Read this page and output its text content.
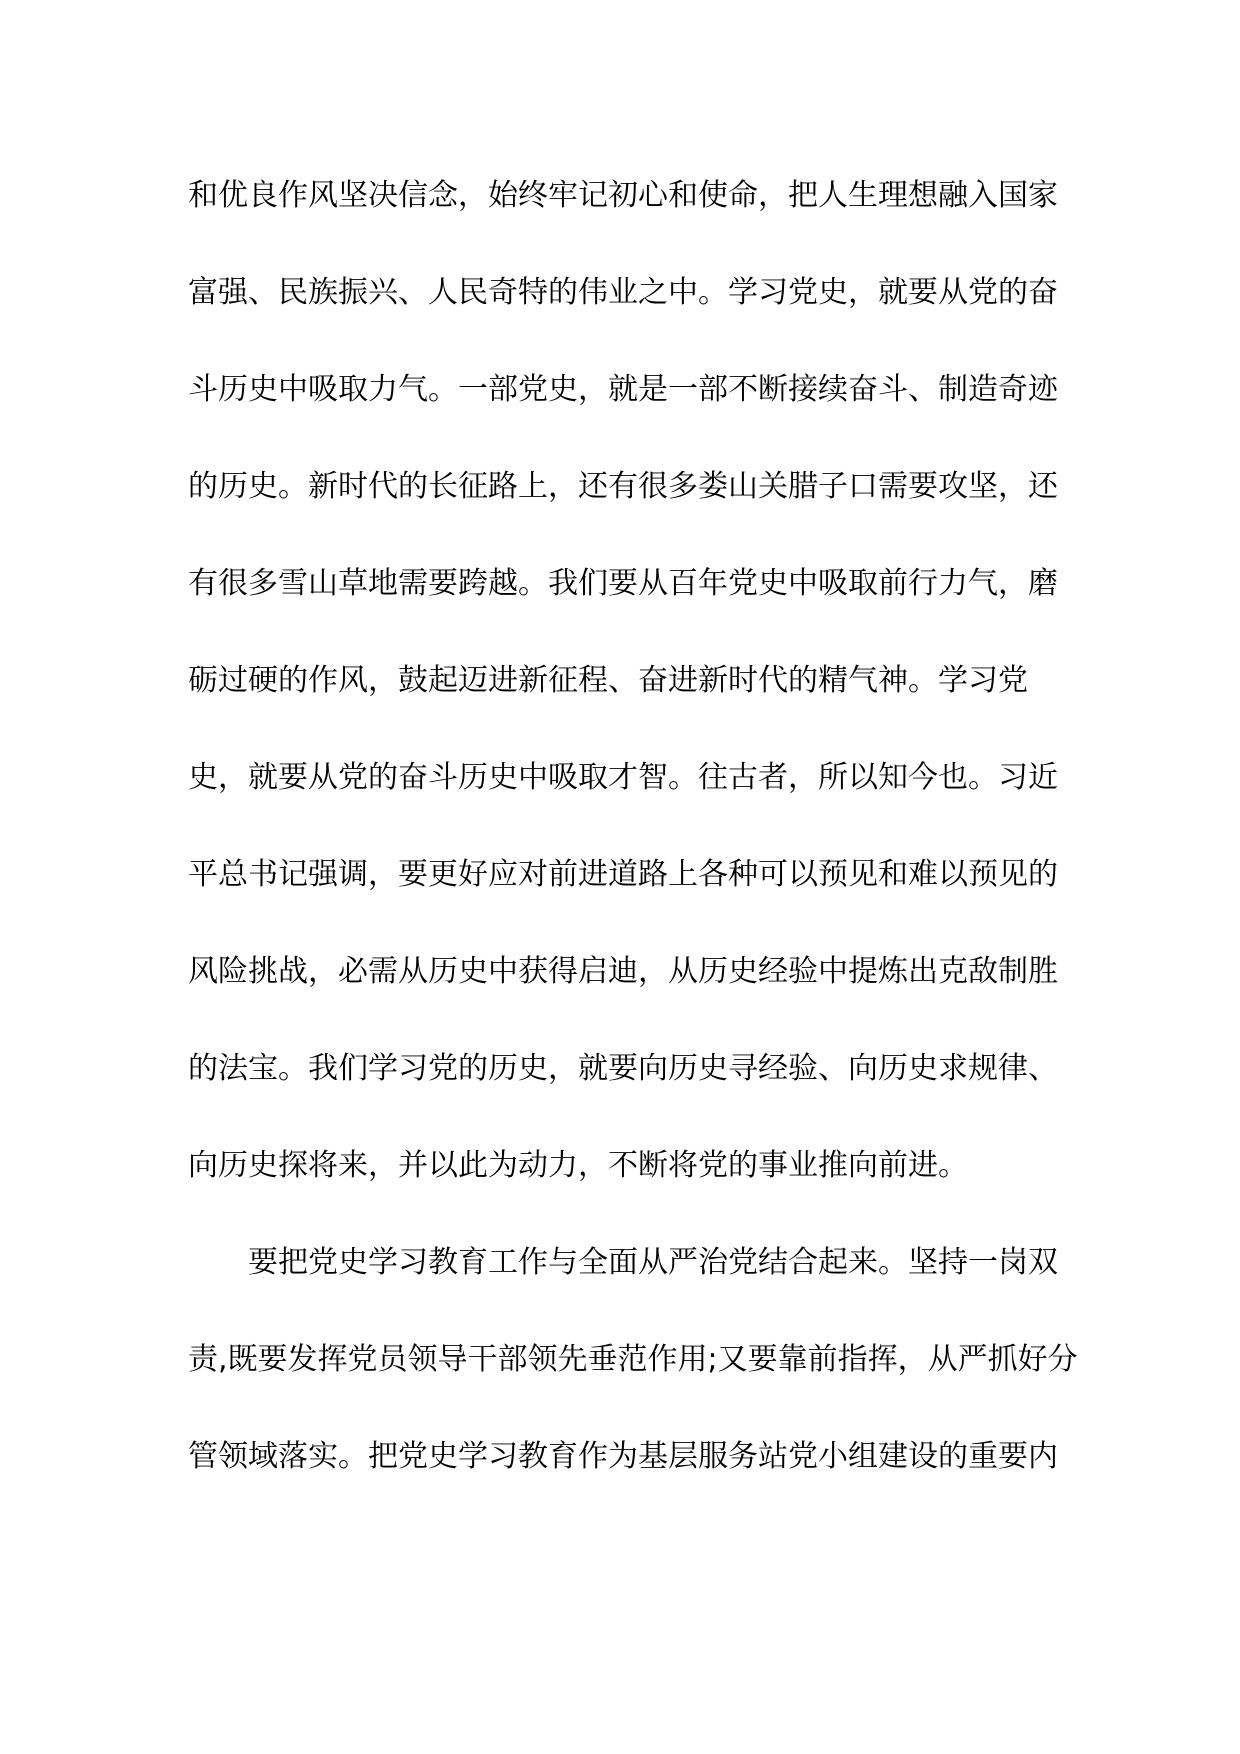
和优良作风坚决信念，始终牢记初心和使命，把人生理想融入国家
富强、民族振兴、人民奇特的伟业之中。学习党史，就要从党的奋
斗历史中吸取力气。一部党史，就是一部不断接续奋斗、制造奇迹
的历史。新时代的长征路上，还有很多娄山关腊子口需要攻坚，还
有很多雪山草地需要跨越。我们要从百年党史中吸取前行力气，磨
砺过硬的作风，鼓起迈进新征程、奋进新时代的精气神。学习党
史，就要从党的奋斗历史中吸取才智。往古者，所以知今也。习近
平总书记强调，要更好应对前进道路上各种可以预见和难以预见的
风险挑战，必需从历史中获得启迪，从历史经验中提炼出克敌制胜
的法宝。我们学习党的历史，就要向历史寻经验、向历史求规律、
向历史探将来，并以此为动力，不断将党的事业推向前进。
要把党史学习教育工作与全面从严治党结合起来。坚持一岗双
责,既要发挥党员领导干部领先垂范作用;又要靠前指挥，从严抓好分
管领域落实。把党史学习教育作为基层服务站党小组建设的重要内
